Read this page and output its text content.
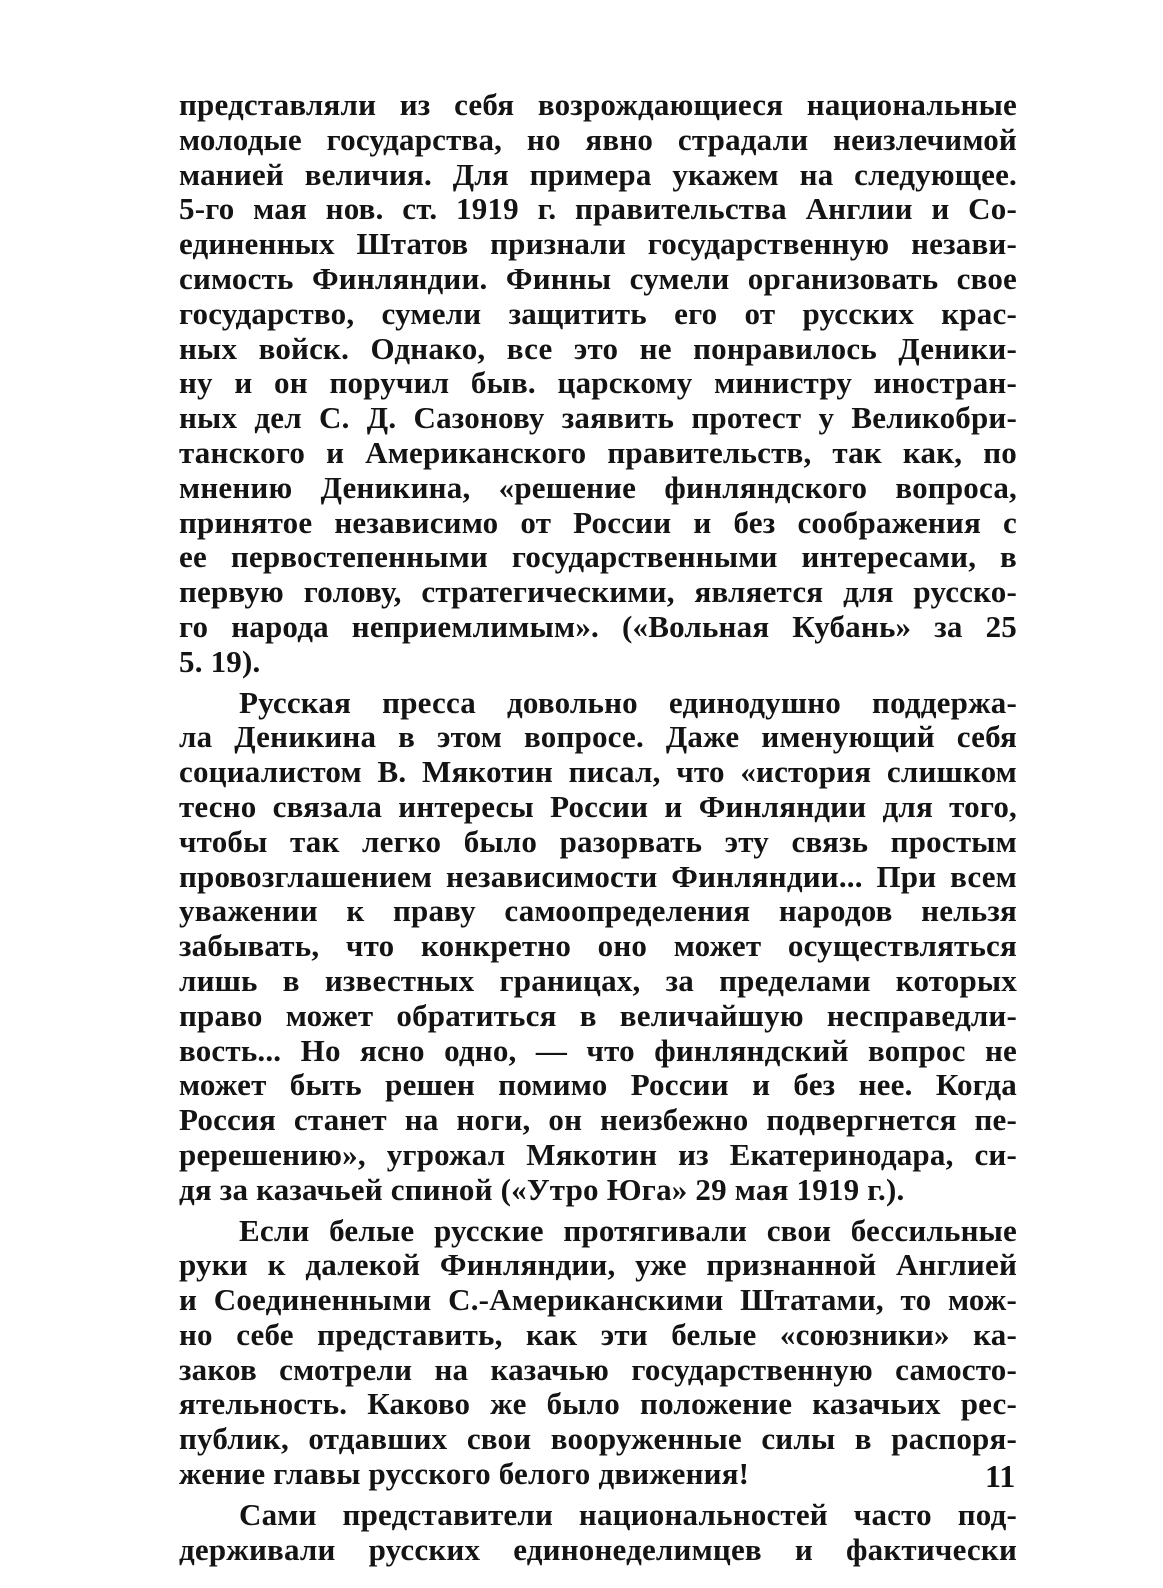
представляли из себя возрождающиеся национальные
молодые государства, но явно страдали неизлечимой
манией величия. Для примера укажем на следующее.
5-го мая нов. ст. 1919 г. правительства Англии и Со-
единенных Штатов признали государственную незави-
симость Финляндии. Финны сумели организовать свое
государство, сумели защитить его от русских крас-
ных войск. Однако, все это не понравилось Деники-
ну и он поручил быв. царскому министру иностран-
ных дел С. Д. Сазонову заявить протест у Великобри-
танского и Американского правительств, так как, по
мнению Деникина, «решение финляндского вопроса,
принятое независимо от России и без соображения с
ее первостепенными государственными интересами, в
первую голову, стратегическими, является для русско-
го народа неприемлимым». («Вольная Кубань» за 25
5. 19).
Русская пресса довольно единодушно поддержа-
ла Деникина в этом вопросе. Даже именующий себя
социалистом В. Мякотин писал, что «история слишком
тесно связала интересы России и Финляндии для того,
чтобы так легко было разорвать эту связь простым
провозглашением независимости Финляндии... При всем
уважении к праву самоопределения народов нельзя
забывать, что конкретно оно может осуществляться
лишь в известных границах, за пределами которых
право может обратиться в величайшую несправедли-
вость... Но ясно одно, — что финляндский вопрос не
может быть решен помимо России и без нее. Когда
Россия станет на ноги, он неизбежно подвергнется пе-
ререшению», угрожал Мякотин из Екатеринодара, си-
дя за казачьей спиной («Утро Юга» 29 мая 1919 г.).
Если белые русские протягивали свои бессильные
руки к далекой Финляндии, уже признанной Англией
и Соединенными С.-Американскими Штатами, то мож-
но себе представить, как эти белые «союзники» ка-
заков смотрели на казачью государственную самосто-
ятельность. Каково же было положение казачьих рес-
публик, отдавших свои вооруженные силы в распоря-
жение главы русского белого движения!
Сами представители национальностей часто под-
держивали русских единонеделимцев и фактически
11
